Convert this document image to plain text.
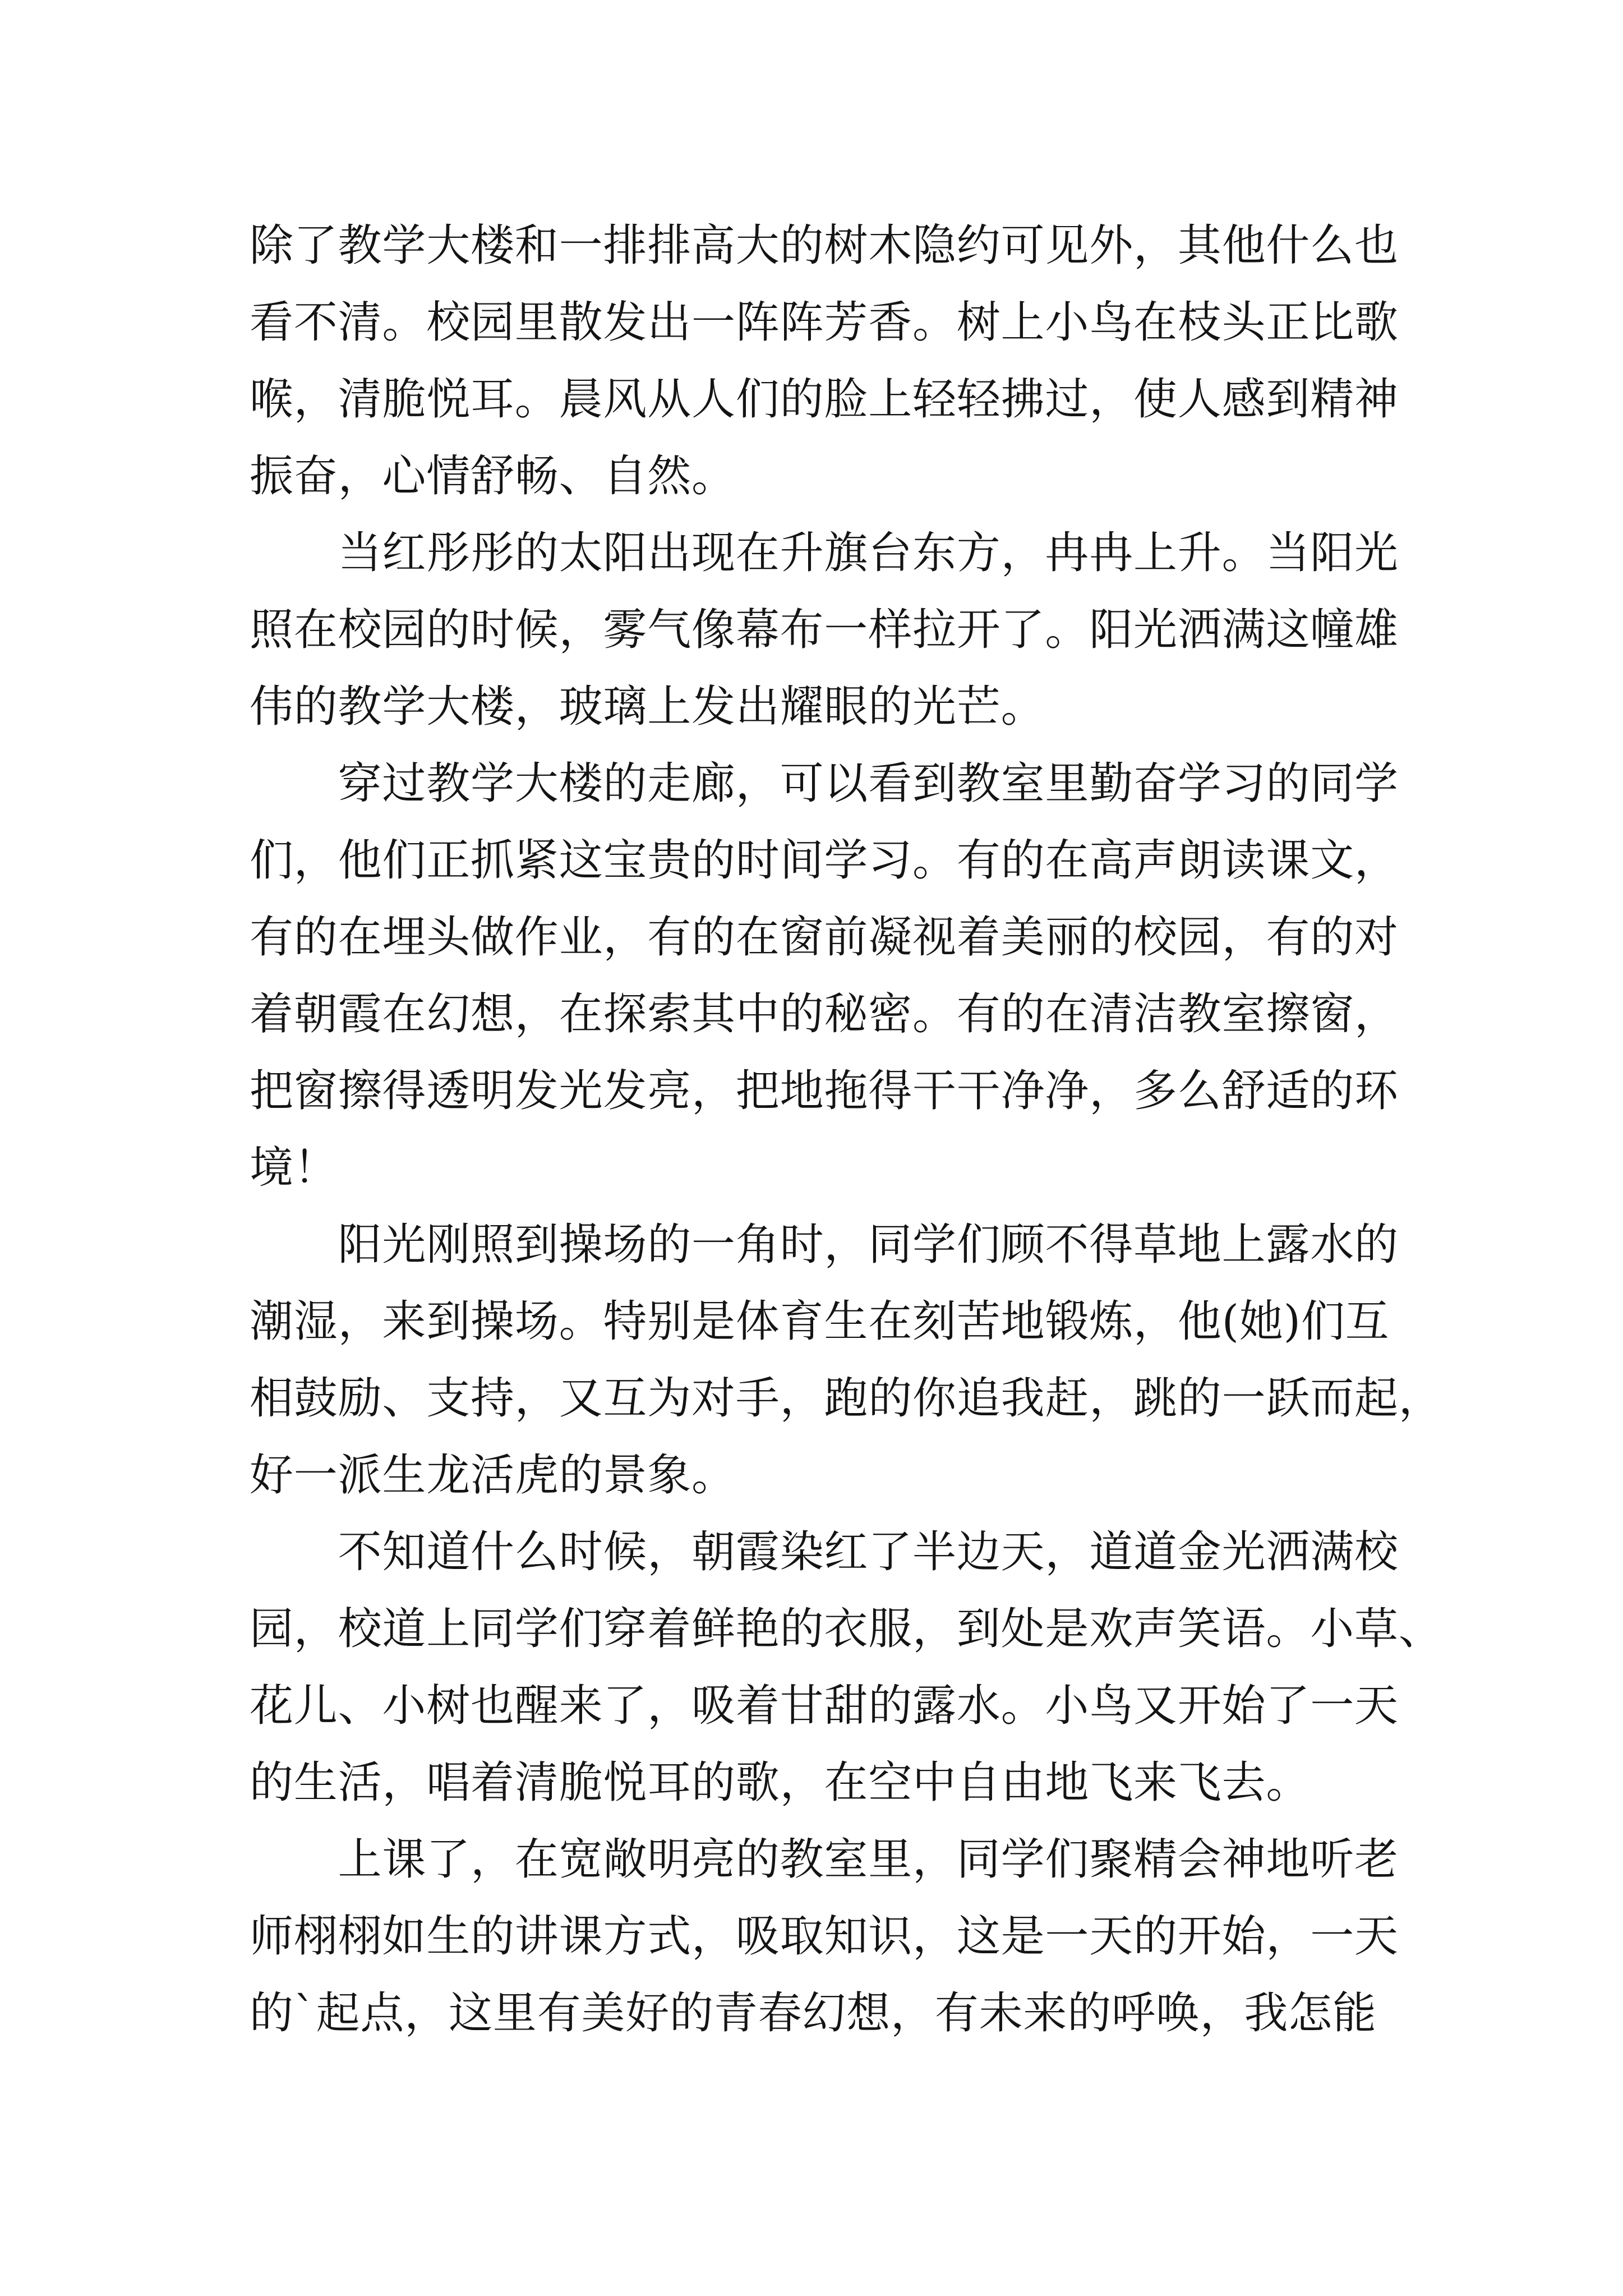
除了教学大楼和一排排高大的树木隐约可见外，其他什么也
看不清。校园里散发出一阵阵芳香。树上小鸟在枝头正比歌
喉，清脆悦耳。晨风从人们的脸上轻轻拂过，使人感到精神
振奋，心情舒畅、自然。
　　当红彤彤的太阳出现在升旗台东方，冉冉上升。当阳光
照在校园的时候，雾气像幕布一样拉开了。阳光洒满这幢雄
伟的教学大楼，玻璃上发出耀眼的光芒。
　　穿过教学大楼的走廊，可以看到教室里勤奋学习的同学
们，他们正抓紧这宝贵的时间学习。有的在高声朗读课文，
有的在埋头做作业，有的在窗前凝视着美丽的校园，有的对
着朝霞在幻想，在探索其中的秘密。有的在清洁教室擦窗，
把窗擦得透明发光发亮，把地拖得干干净净，多么舒适的环
境！
　　阳光刚照到操场的一角时，同学们顾不得草地上露水的
潮湿，来到操场。特别是体育生在刻苦地锻炼，他(她)们互
相鼓励、支持，又互为对手，跑的你追我赶，跳的一跃而起，
好一派生龙活虎的景象。
　　不知道什么时候，朝霞染红了半边天，道道金光洒满校
园，校道上同学们穿着鲜艳的衣服，到处是欢声笑语。小草、
花儿、小树也醒来了，吸着甘甜的露水。小鸟又开始了一天
的生活，唱着清脆悦耳的歌，在空中自由地飞来飞去。
　　上课了，在宽敞明亮的教室里，同学们聚精会神地听老
师栩栩如生的讲课方式，吸取知识，这是一天的开始，一天
的`起点，这里有美好的青春幻想，有未来的呼唤，我怎能
